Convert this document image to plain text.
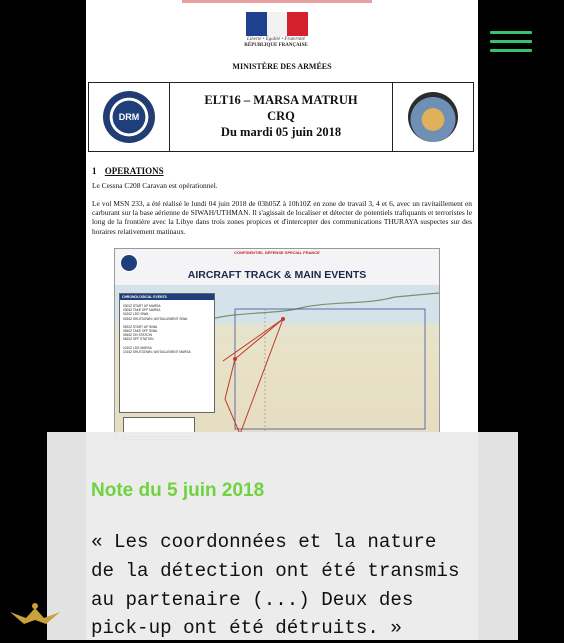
Liberté • Égalité • Fraternité
RÉPUBLIQUE FRANÇAISE
MINISTÈRE DES ARMÉES
DRM
ELT16 – MARSA MATRUH
CRQ
Du mardi 05 juin 2018
1 OPERATIONS
Le Cessna C208 Caravan est opérationnel.
Le vol MSN 233, a été réalisé le lundi 04 juin 2018 de 03h05Z à 10h10Z en zone de travail 3, 4 et 6, avec un ravitaillement en carburant sur la base aérienne de SIWAH/UTHMAN. Il s'agissait de localiser et détecter de potentiels trafiquants et terroristes le long de la frontière avec la Libye dans trois zones propices et d'intercepter des communications THURAYA suspectes sur des horaires relativement matinaux.
CONFIDENTIEL DÉFENSE SPECIAL FRANCE
AIRCRAFT TRACK & MAIN EVENTS
CHRONOLOGICAL EVENTS
0302Z START UP MARSA
0305Z TAKE OFF MARSA
0420Z LDG SIWA
0435Z SHUTDOWN / AVITAILLEMENT SIWA
0520Z START UP SIWA
0540Z TAKE OFF SIWA
0545Z ON STATION
0620Z OFF STATION
1010Z LDG MARSA
1015Z SHUTDOWN / AVITAILLEMENT MARSA
Note du 5 juin 2018
« Les coordonnées et la nature
de la détection ont été transmis
au partenaire (...) Deux des
pick-up ont été détruits. »
